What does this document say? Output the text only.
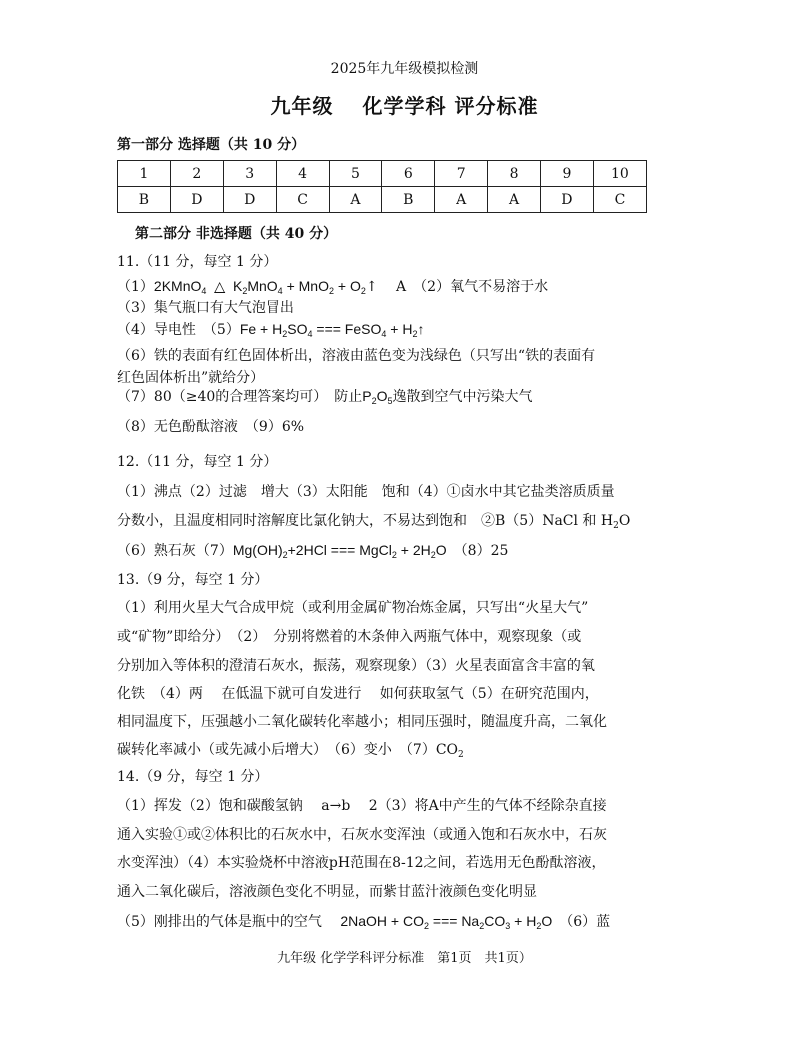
2025年九年级模拟检测
九年级　 化学学科 评分标准
第一部分 选择题（共 10 分）
1	2	3	4	5	6	7	8	9	10
B	D	D	C	A	B	A	A	D	C
第二部分 非选择题（共 40 分）
11.（11 分，每空 1 分）
（1）2KMnO$_4$ △ $K_2MnO_4 + MnO_2$ + $O_2↑$　 A　（2）氧气不易溶于水
（3）集气瓶口有大气泡冒出
（4）导电性　$(5)Fe + H_2SO_4$ === FeSO$_4$ + $H_2↑$
（6）铁的表面有红色固体析出，溶液由蓝色变为浅绿色（只写出“铁的表面有
红色固体析出”就给分）
（7）80（≥40的合理答案均可）　防止$P_2O_5$逸散到空气中污染大气
（8）无色酚酞溶液　（9）6%
12.（11 分，每空 1 分）
（1）沸点（2）过滤　增大（3）太阳能　饱和（4）①卤水中其它盐类溶质质量
分数小，且温度相同时溶解度比氯化钠大，不易达到饱和　②B（5）NaCl 和 $H_2O$
（6）熟石灰$(7)Mg(OH)_2+2HCl$ === MgCl$_2$ + $2H_2O$　（8）25
13.（9 分，每空 1 分）
（1）利用火星大气合成甲烷（或利用金属矿物冶炼金属，只写出“火星大气”
或“矿物”即给分）　（2）　分别将燃着的木条伸入两瓶气体中，观察现象（或
分别加入等体积的澄清石灰水，振荡，观察现象）（3）火星表面富含丰富的氧
化铁　（4）两　 在低温下就可自发进行　 如何获取氢气（5）在研究范围内，
相同温度下，压强越小二氧化碳转化率越小；相同压强时，随温度升高，二氧化
碳转化率减小（或先减小后增大）　（6）变小　$(7)CO_2$
14.（9 分，每空 1 分）
（1）挥发（2）饱和碳酸氢钠　 a→b　 2（3）将A中产生的气体不经除杂直接
通入实验①或②体积比的石灰水中，石灰水变浑浊（或通入饱和石灰水中，石灰
水变浑浊）（4）本实验烧杯中溶液pH范围在8-12之间，若选用无色酚酞溶液，
通入二氧化碳后，溶液颜色变化不明显，而紫甘蓝汁液颜色变化明显
（5）刚排出的气体是瓶中的空气　 2NaOH + $CO_2$ === $Na_2CO_3 + H_2O$　（6）蓝
九年级 化学学科评分标准　第1页　共1页）
